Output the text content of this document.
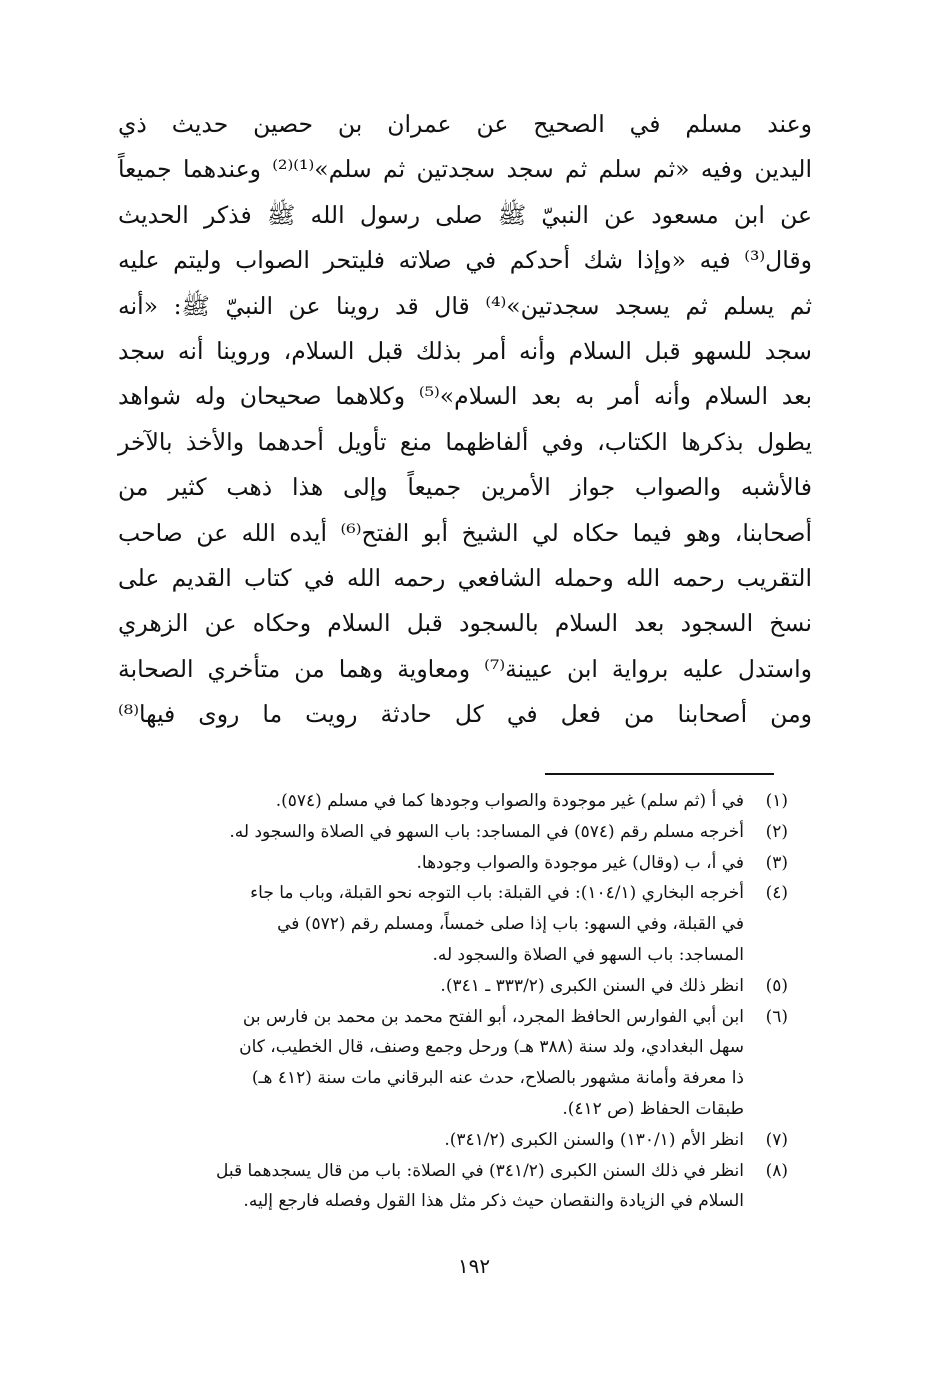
وعند مسلم في الصحيح عن عمران بن حصين حديث ذي
اليدين وفيه «ثم سلم ثم سجد سجدتين ثم سلم»⁽¹⁾⁽²⁾ وعندهما جميعاً
عن ابن مسعود عن النبيّ ﷺ صلى رسول الله ﷺ فذكر الحديث
وقال⁽³⁾ فيه «وإذا شك أحدكم في صلاته فليتحر الصواب وليتم عليه
ثم يسلم ثم يسجد سجدتين»⁽⁴⁾ قال قد روينا عن النبيّ ﷺ: «أنه
سجد للسهو قبل السلام وأنه أمر بذلك قبل السلام، وروينا أنه سجد
بعد السلام وأنه أمر به بعد السلام»⁽⁵⁾ وكلاهما صحيحان وله شواهد
يطول بذكرها الكتاب، وفي ألفاظهما منع تأويل أحدهما والأخذ بالآخر
فالأشبه والصواب جواز الأمرين جميعاً وإلى هذا ذهب كثير من
أصحابنا، وهو فيما حكاه لي الشيخ أبو الفتح⁽⁶⁾ أيده الله عن صاحب
التقريب رحمه الله وحمله الشافعي رحمه الله في كتاب القديم على
نسخ السجود بعد السلام بالسجود قبل السلام وحكاه عن الزهري
واستدل عليه برواية ابن عيينة⁽⁷⁾ ومعاوية وهما من متأخري الصحابة
ومن أصحابنا من فعل في كل حادثة رويت ما روى فيها⁽⁸⁾
(١)في أ (ثم سلم) غير موجودة والصواب وجودها كما في مسلم (٥٧٤).
(٢)أخرجه مسلم رقم (٥٧٤) في المساجد: باب السهو في الصلاة والسجود له.
(٣)في أ، ب (وقال) غير موجودة والصواب وجودها.
(٤)أخرجه البخاري (١٠٤/١): في القبلة: باب التوجه نحو القبلة، وباب ما جاء
في القبلة، وفي السهو: باب إذا صلى خمساً، ومسلم رقم (٥٧٢) في
المساجد: باب السهو في الصلاة والسجود له.
(٥)انظر ذلك في السنن الكبرى (٣٣٣/٢ ـ ٣٤١).
(٦)ابن أبي الفوارس الحافظ المجرد، أبو الفتح محمد بن محمد بن فارس بن
سهل البغدادي، ولد سنة (٣٨٨ هـ) ورحل وجمع وصنف، قال الخطيب، كان
ذا معرفة وأمانة مشهور بالصلاح، حدث عنه البرقاني مات سنة (٤١٢ هـ)
طبقات الحفاظ (ص ٤١٢).
(٧)انظر الأم (١٣٠/١) والسنن الكبرى (٣٤١/٢).
(٨)انظر في ذلك السنن الكبرى (٣٤١/٢) في الصلاة: باب من قال يسجدهما قبل
السلام في الزيادة والنقصان حيث ذكر مثل هذا القول وفصله فارجع إليه.
١٩٢
